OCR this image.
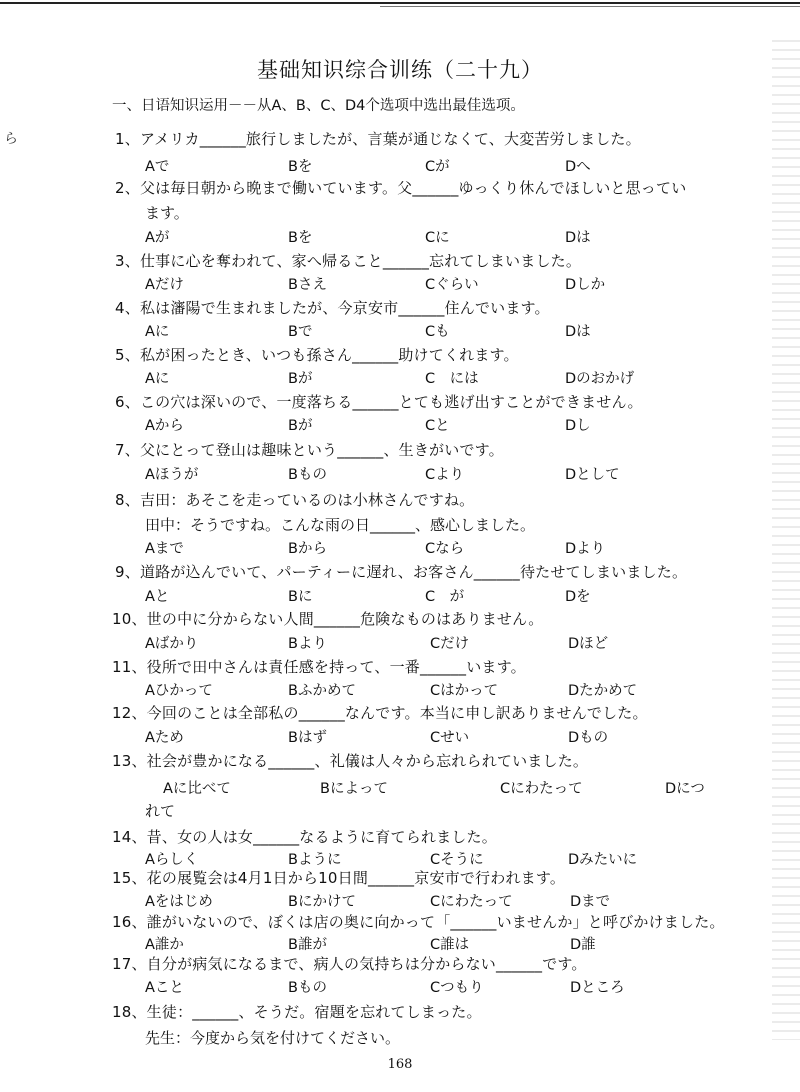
ら
基础知识综合训练（二十九）
一、日语知识运用－－从A、B、C、D4个选项中选出最佳选项。
1、アメリカ______旅行しましたが、言葉が通じなくて、大変苦労しました。
Aで	Bを	Cが	Dへ
2、父は毎日朝から晩まで働いています。父______ゆっくり休んでほしいと思ってい
ます。
Aが	Bを	Cに	Dは
3、仕事に心を奪われて、家へ帰ること______忘れてしまいました。
Aだけ	Bさえ	Cぐらい	Dしか
4、私は瀋陽で生まれましたが、今京安市______住んでいます。
Aに	Bで	Cも	Dは
5、私が困ったとき、いつも孫さん______助けてくれます。
Aに	Bが	C　には	Dのおかげ
6、この穴は深いので、一度落ちる______とても逃げ出すことができません。
Aから	Bが	Cと	Dし
7、父にとって登山は趣味という______、生きがいです。
Aほうが	Bもの	Cより	Dとして
8、吉田：あそこを走っているのは小林さんですね。
田中：そうですね。こんな雨の日______、感心しました。
Aまで	Bから	Cなら	Dより
9、道路が込んでいて、パーティーに遅れ、お客さん______待たせてしまいました。
Aと	Bに	C　が	Dを
10、世の中に分からない人間______危険なものはありません。
Aばかり	Bより	Cだけ	Dほど
11、役所で田中さんは責任感を持って、一番______います。
Aひかって	Bふかめて	Cはかって	Dたかめて
12、今回のことは全部私の______なんです。本当に申し訳ありませんでした。
Aため	Bはず	Cせい	Dもの
13、社会が豊かになる______、礼儀は人々から忘れられていました。
Aに比べて	Bによって	Cにわたって	Dにつ
れて
14、昔、女の人は女______なるように育てられました。
Aらしく	Bように	Cそうに	Dみたいに
15、花の展覧会は4月1日から10日間______京安市で行われます。
Aをはじめ	Bにかけて	Cにわたって	Dまで
16、誰がいないので、ぼくは店の奥に向かって「______いませんか」と呼びかけました。
A誰か	B誰が	C誰は	D誰
17、自分が病気になるまで、病人の気持ちは分からない______です。
Aこと	Bもの	Cつもり	Dところ
18、生徒：______、そうだ。宿題を忘れてしまった。
先生：今度から気を付けてください。
168
